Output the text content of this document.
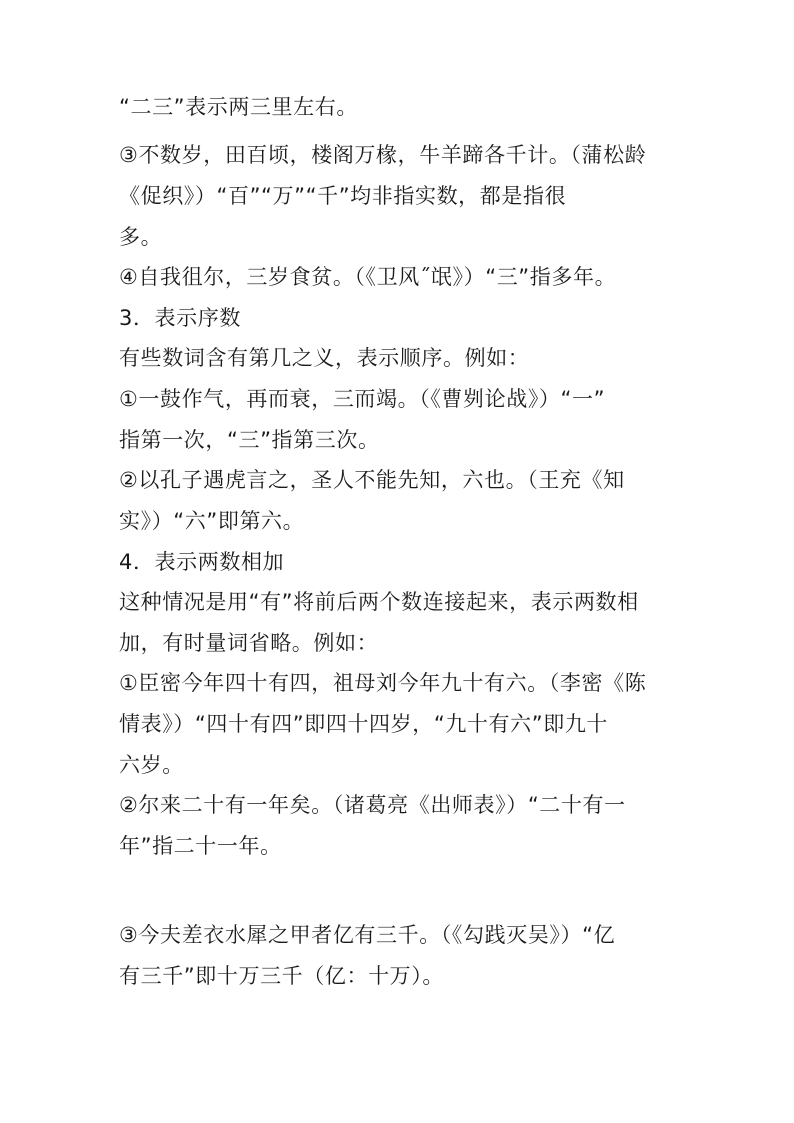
“二三”表示两三里左右。
③不数岁，田百顷，楼阁万椽，牛羊蹄各千计。（蒲松龄
《促织》）“百”“万”“千”均非指实数，都是指很
多。
④自我徂尔，三岁食贫。（《卫风˝氓》）“三”指多年。
3．表示序数
有些数词含有第几之义，表示顺序。例如：
①一鼓作气，再而衰，三而竭。（《曹刿论战》）“一”
指第一次，“三”指第三次。
②以孔子遇虎言之，圣人不能先知，六也。（王充《知
实》）“六”即第六。
4．表示两数相加
这种情况是用“有”将前后两个数连接起来，表示两数相
加，有时量词省略。例如：
①臣密今年四十有四，祖母刘今年九十有六。（李密《陈
情表》）“四十有四”即四十四岁，“九十有六”即九十
六岁。
②尔来二十有一年矣。（诸葛亮《出师表》）“二十有一
年”指二十一年。
③今夫差衣水犀之甲者亿有三千。（《勾践灭吴》）“亿
有三千”即十万三千（亿：十万）。
